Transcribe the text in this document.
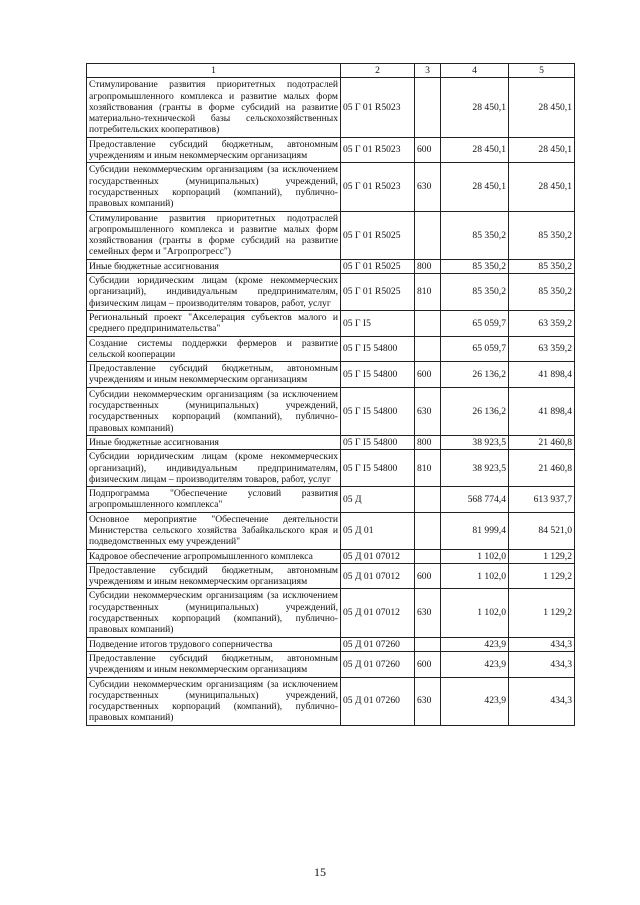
1	2	3	4	5
Стимулирование развития приоритетных подотраслей агропромышленного комплекса и развитие малых форм хозяйствования (гранты в форме субсидий на развитие материально-технической базы сельскохозяйственных потребительских кооперативов)	05 Г 01 R5023		28 450,1	28 450,1
Предоставление субсидий бюджетным, автономным учреждениям и иным некоммерческим организациям	05 Г 01 R5023	600	28 450,1	28 450,1
Субсидии некоммерческим организациям (за исключением государственных (муниципальных) учреждений, государственных корпораций (компаний), публично-правовых компаний)	05 Г 01 R5023	630	28 450,1	28 450,1
Стимулирование развития приоритетных подотраслей агропромышленного комплекса и развитие малых форм хозяйствования (гранты в форме субсидий на развитие семейных ферм и "Агропрогресс")	05 Г 01 R5025		85 350,2	85 350,2
Иные бюджетные ассигнования	05 Г 01 R5025	800	85 350,2	85 350,2
Субсидии юридическим лицам (кроме некоммерческих организаций), индивидуальным предпринимателям, физическим лицам – производителям товаров, работ, услуг	05 Г 01 R5025	810	85 350,2	85 350,2
Региональный проект "Акселерация субъектов малого и среднего предпринимательства"	05 Г I5		65 059,7	63 359,2
Создание системы поддержки фермеров и развитие сельской кооперации	05 Г I5 54800		65 059,7	63 359,2
Предоставление субсидий бюджетным, автономным учреждениям и иным некоммерческим организациям	05 Г I5 54800	600	26 136,2	41 898,4
Субсидии некоммерческим организациям (за исключением государственных (муниципальных) учреждений, государственных корпораций (компаний), публично-правовых компаний)	05 Г I5 54800	630	26 136,2	41 898,4
Иные бюджетные ассигнования	05 Г I5 54800	800	38 923,5	21 460,8
Субсидии юридическим лицам (кроме некоммерческих организаций), индивидуальным предпринимателям, физическим лицам – производителям товаров, работ, услуг	05 Г I5 54800	810	38 923,5	21 460,8
Подпрограмма "Обеспечение условий развития агропромышленного комплекса"	05 Д		568 774,4	613 937,7
Основное мероприятие "Обеспечение деятельности Министерства сельского хозяйства Забайкальского края и подведомственных ему учреждений"	05 Д 01		81 999,4	84 521,0
Кадровое обеспечение агропромышленного комплекса	05 Д 01 07012		1 102,0	1 129,2
Предоставление субсидий бюджетным, автономным учреждениям и иным некоммерческим организациям	05 Д 01 07012	600	1 102,0	1 129,2
Субсидии некоммерческим организациям (за исключением государственных (муниципальных) учреждений, государственных корпораций (компаний), публично-правовых компаний)	05 Д 01 07012	630	1 102,0	1 129,2
Подведение итогов трудового соперничества	05 Д 01 07260		423,9	434,3
Предоставление субсидий бюджетным, автономным учреждениям и иным некоммерческим организациям	05 Д 01 07260	600	423,9	434,3
Субсидии некоммерческим организациям (за исключением государственных (муниципальных) учреждений, государственных корпораций (компаний), публично-правовых компаний)	05 Д 01 07260	630	423,9	434,3
15
